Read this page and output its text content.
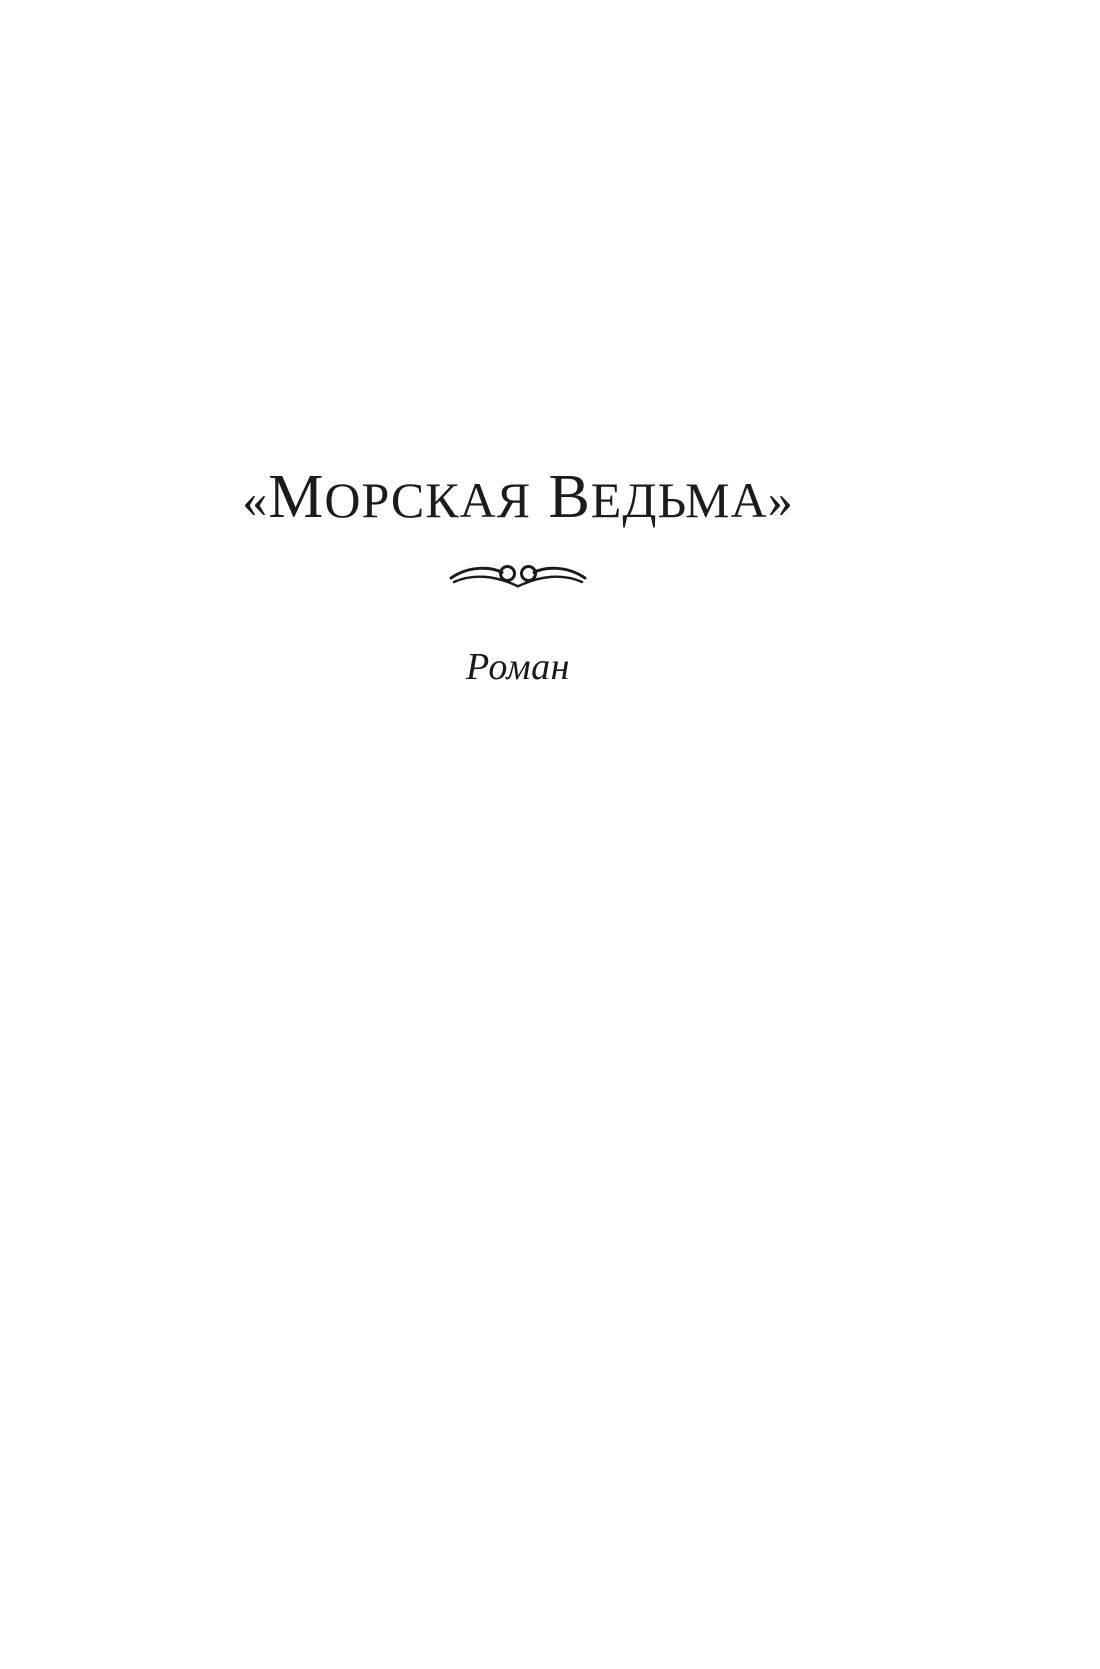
«МОРСКАЯ ВЕДЬМА»
Роман
